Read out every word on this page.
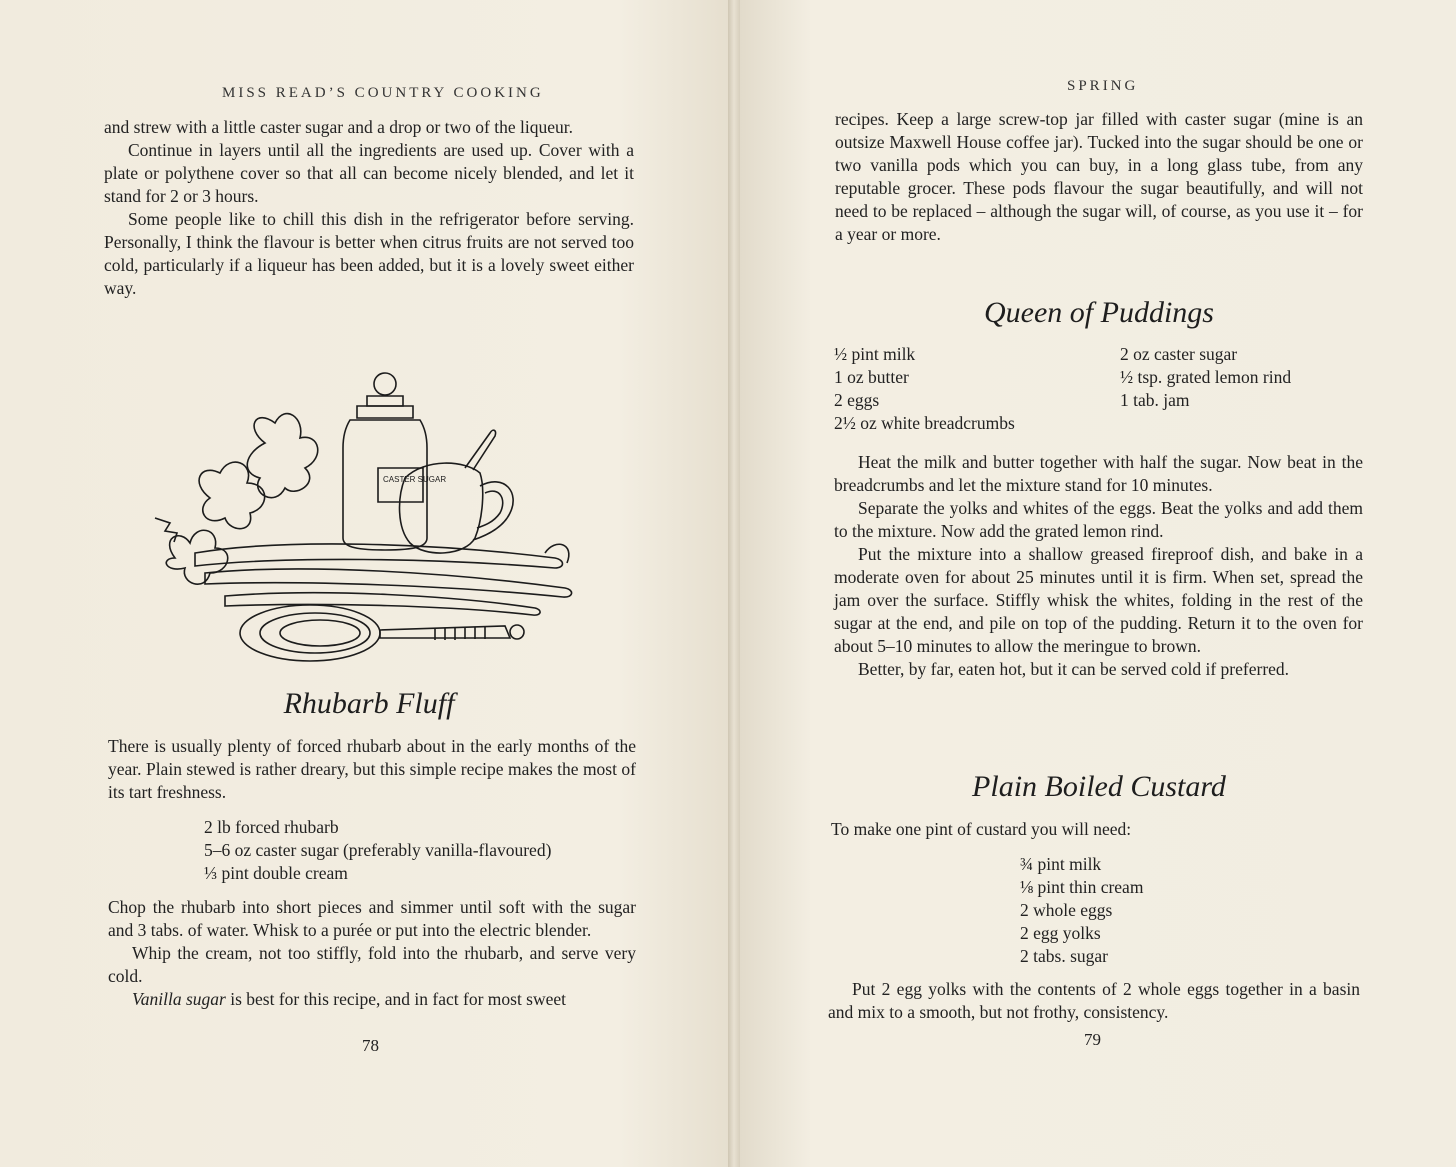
MISS READ’S COUNTRY COOKING

and strew with a little caster sugar and a drop or two of the liqueur.

Continue in layers until all the ingredients are used up. Cover with a plate or polythene cover so that all can become nicely blended, and let it stand for 2 or 3 hours.

Some people like to chill this dish in the refrigerator before serving. Personally, I think the flavour is better when citrus fruits are not served too cold, particularly if a liqueur has been added, but it is a lovely sweet either way.

CASTER SUGAR
Rhubarb Fluff

There is usually plenty of forced rhubarb about in the early months of the year. Plain stewed is rather dreary, but this simple recipe makes the most of its tart freshness.

2 lb forced rhubarb
5–6 oz caster sugar (preferably vanilla-flavoured)
⅓ pint double cream

Chop the rhubarb into short pieces and simmer until soft with the sugar and 3 tabs. of water. Whisk to a purée or put into the electric blender.

Whip the cream, not too stiffly, fold into the rhubarb, and serve very cold.

Vanilla sugar is best for this recipe, and in fact for most sweet

78
SPRING

recipes. Keep a large screw-top jar filled with caster sugar (mine is an outsize Maxwell House coffee jar). Tucked into the sugar should be one or two vanilla pods which you can buy, in a long glass tube, from any reputable grocer. These pods flavour the sugar beautifully, and will not need to be replaced – although the sugar will, of course, as you use it – for a year or more.

Queen of Puddings
½ pint milk
1 oz butter
2 eggs
2½ oz white breadcrumbs
2 oz caster sugar
½ tsp. grated lemon rind
1 tab. jam

Heat the milk and butter together with half the sugar. Now beat in the breadcrumbs and let the mixture stand for 10 minutes.

Separate the yolks and whites of the eggs. Beat the yolks and add them to the mixture. Now add the grated lemon rind.

Put the mixture into a shallow greased fireproof dish, and bake in a moderate oven for about 25 minutes until it is firm. When set, spread the jam over the surface. Stiffly whisk the whites, folding in the rest of the sugar at the end, and pile on top of the pudding. Return it to the oven for about 5–10 minutes to allow the meringue to brown.

Better, by far, eaten hot, but it can be served cold if preferred.

Plain Boiled Custard

To make one pint of custard you will need:

¾ pint milk
⅛ pint thin cream
2 whole eggs
2 egg yolks
2 tabs. sugar

Put 2 egg yolks with the contents of 2 whole eggs together in a basin and mix to a smooth, but not frothy, consistency.

79
